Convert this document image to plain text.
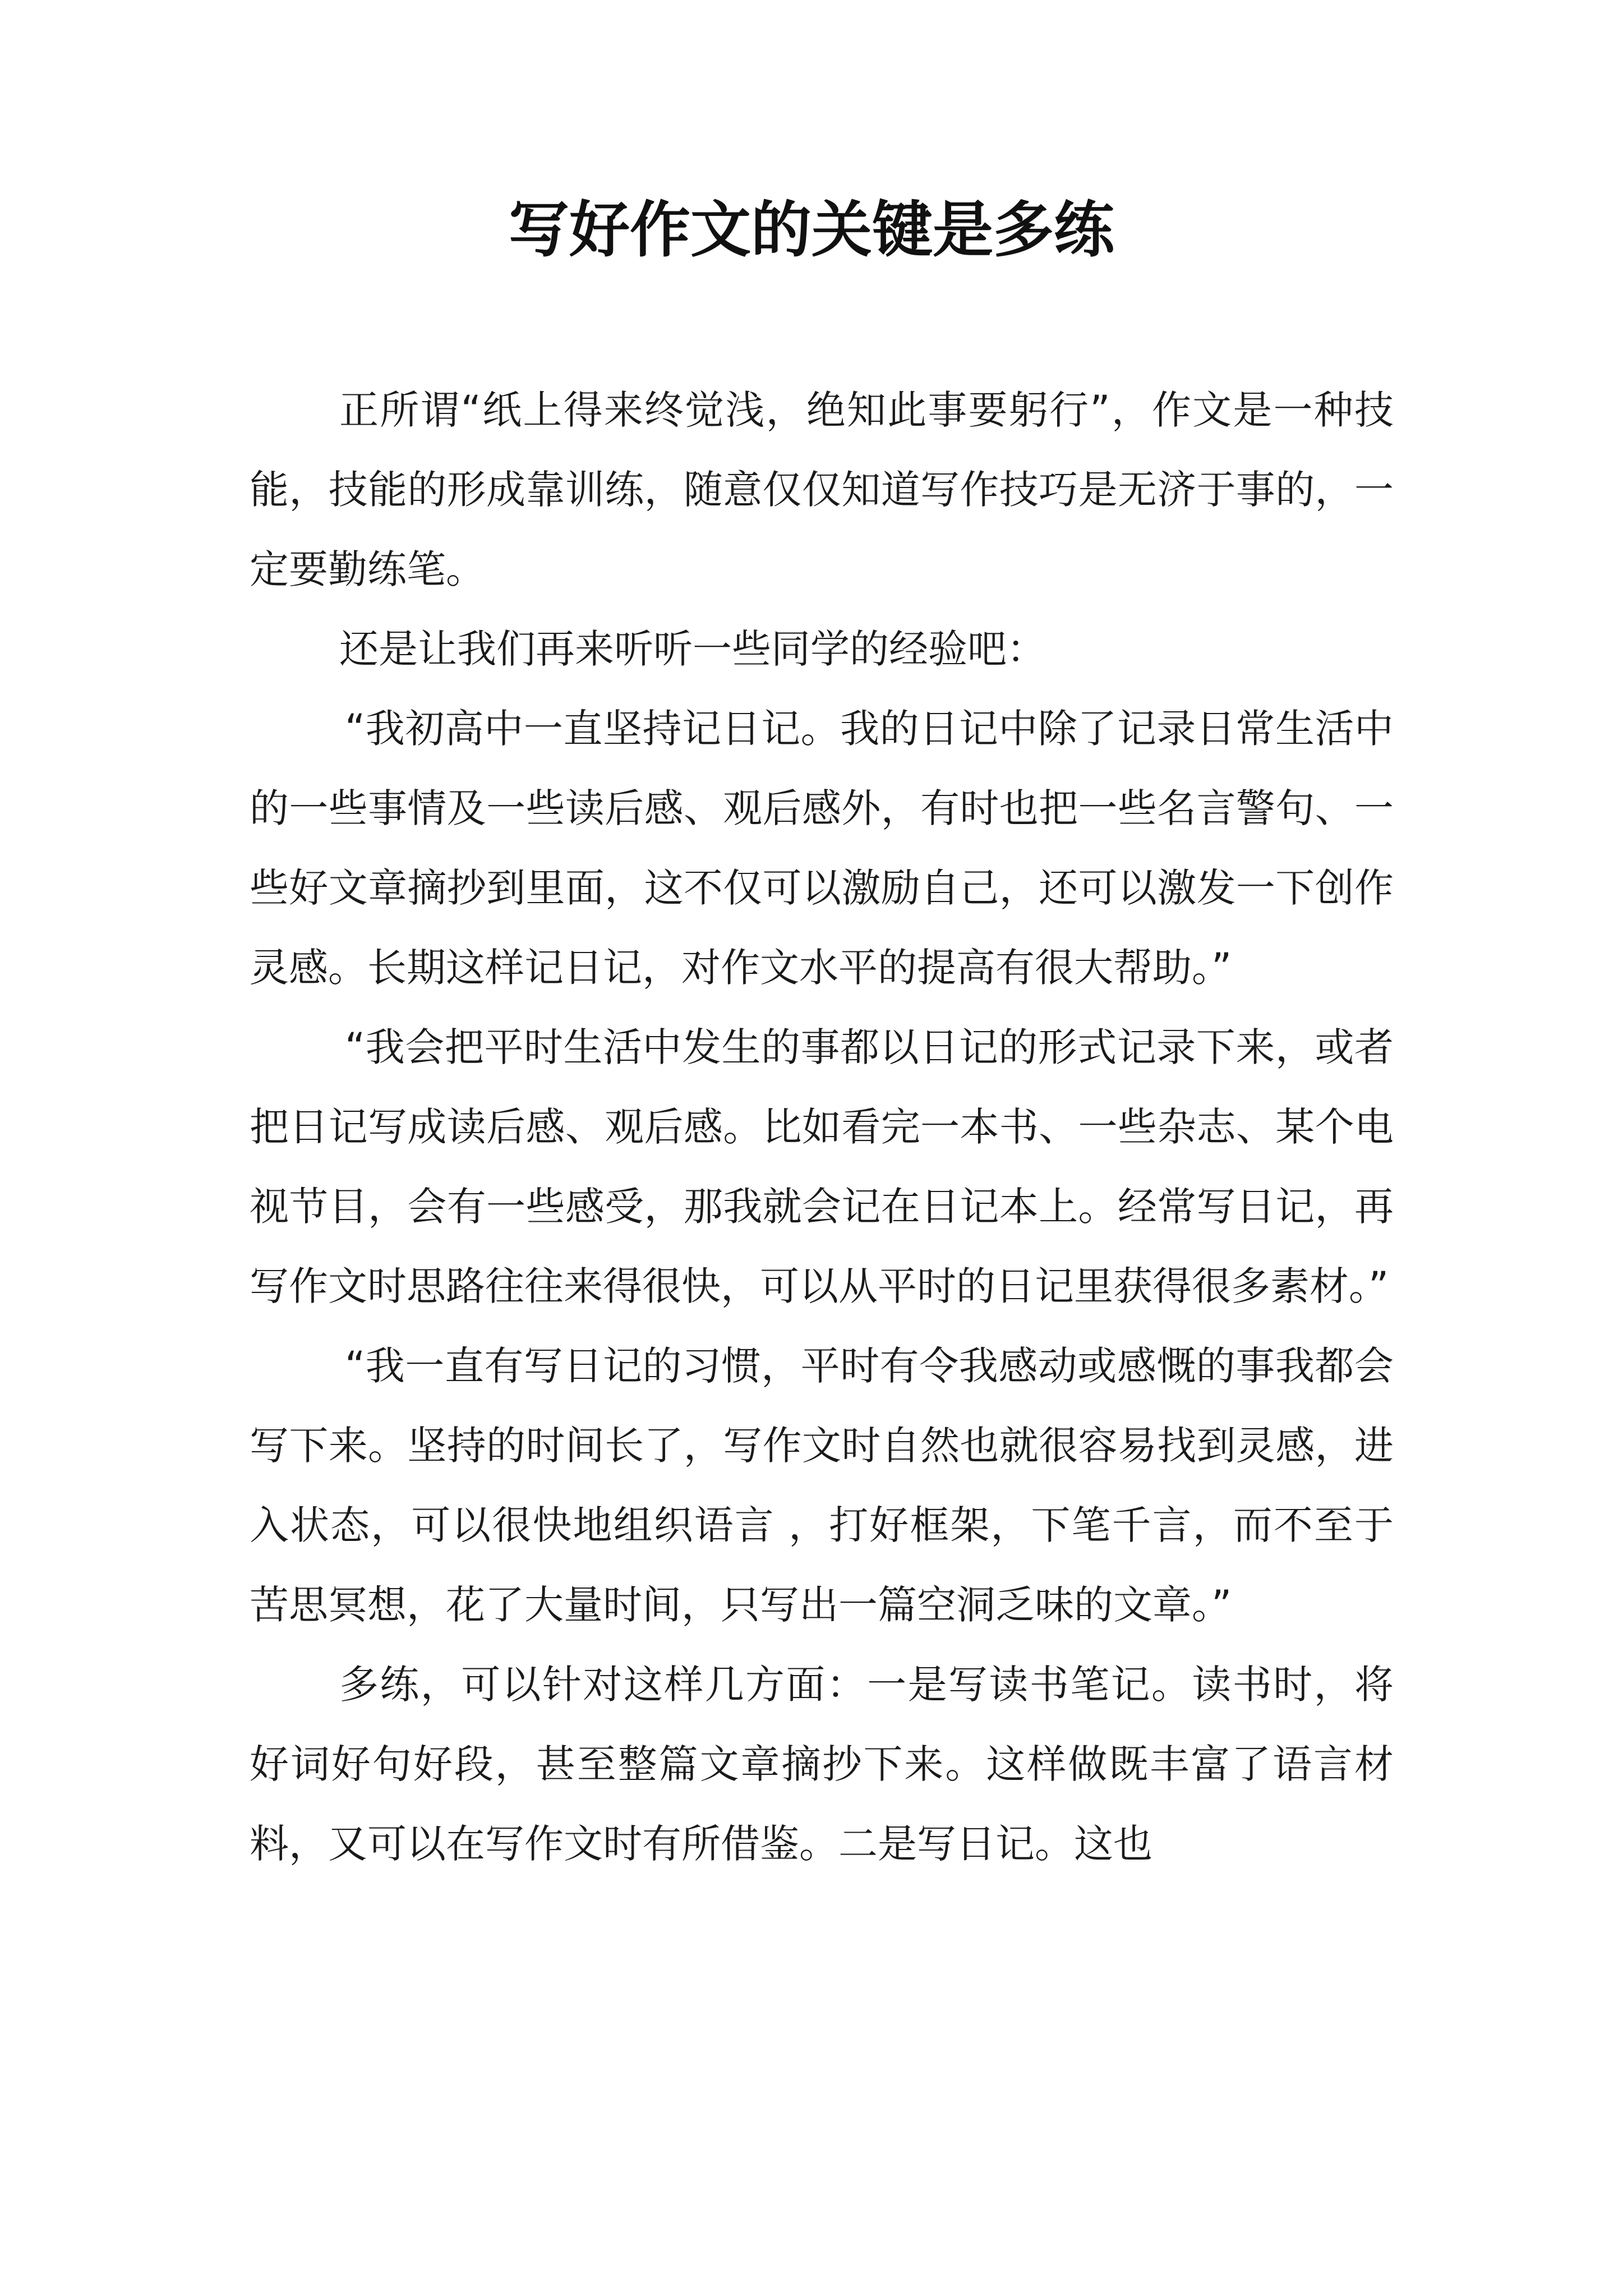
写好作文的关键是多练

正所谓“纸上得来终觉浅，绝知此事要躬行”，作文是一种技能，技能的形成靠训练，随意仅仅知道写作技巧是无济于事的，一定要勤练笔。

还是让我们再来听听一些同学的经验吧：

“我初高中一直坚持记日记。我的日记中除了记录日常生活中的一些事情及一些读后感、观后感外，有时也把一些名言警句、一些好文章摘抄到里面，这不仅可以激励自己，还可以激发一下创作灵感。长期这样记日记，对作文水平的提高有很大帮助。”

“我会把平时生活中发生的事都以日记的形式记录下来，或者把日记写成读后感、观后感。比如看完一本书、一些杂志、某个电视节目，会有一些感受，那我就会记在日记本上。经常写日记，再写作文时思路往往来得很快，可以从平时的日记里获得很多素材。”

“我一直有写日记的习惯，平时有令我感动或感慨的事我都会写下来。坚持的时间长了，写作文时自然也就很容易找到灵感，进入状态，可以很快地组织语言 ，打好框架，下笔千言，而不至于苦思冥想，花了大量时间，只写出一篇空洞乏味的文章。”

多练，可以针对这样几方面：一是写读书笔记。读书时，将好词好句好段，甚至整篇文章摘抄下来。这样做既丰富了语言材料，又可以在写作文时有所借鉴。二是写日记。这也
